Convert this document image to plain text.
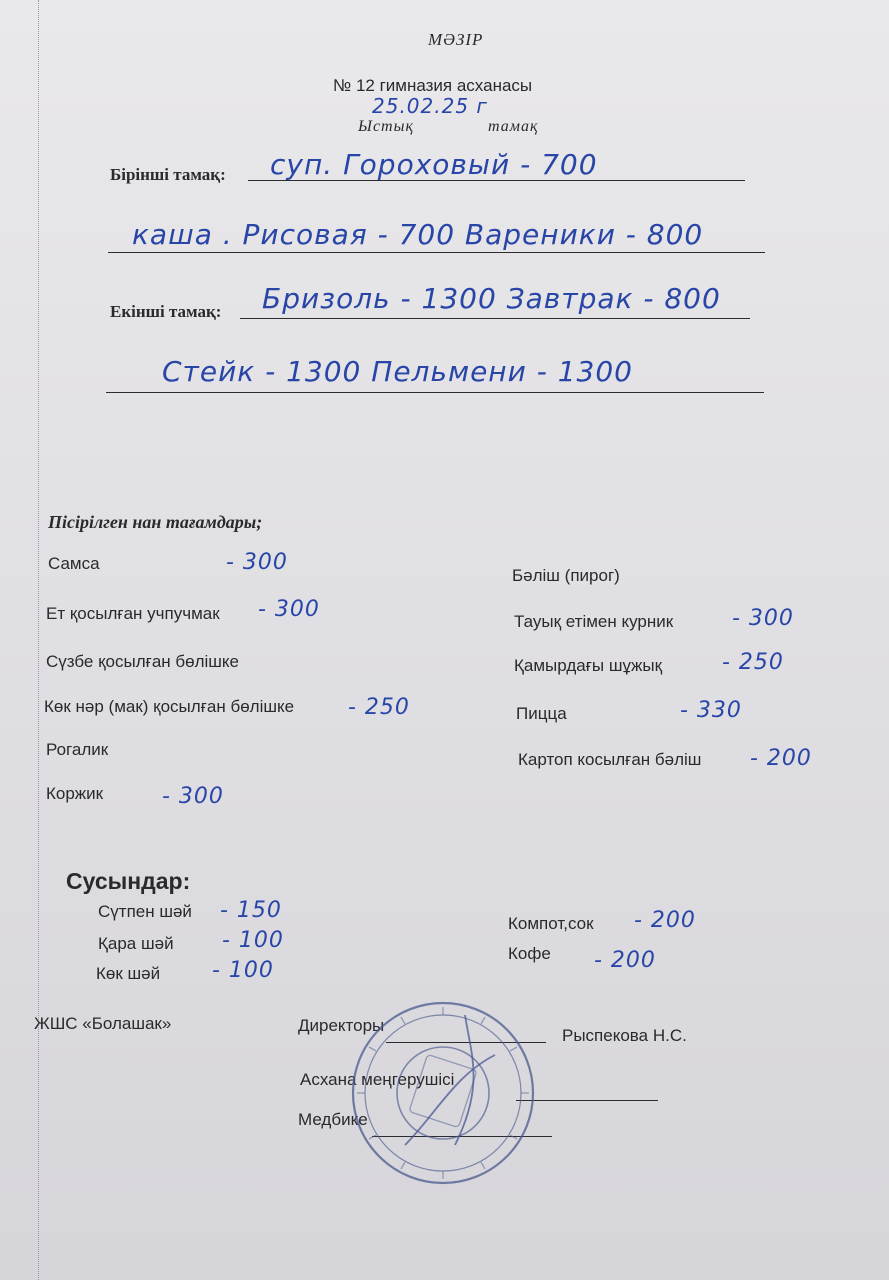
МӘЗІР
№ 12 гимназия асханасы
25.02.25 г
Ыстық	тамақ
Бірінші тамақ: суп. Гороховый - 700
каша . Рисовая - 700 Вареники - 800
Екінші тамақ: Бризоль - 1300 Завтрак - 800
Стейк - 1300 Пельмени - 1300
Пісірілген нан тағамдары;
Самса	- 300
Ет қосылған учпучмак - 300
Сүзбе қосылған бөлішке
Көк нәр (мак) қосылған бөлішке - 250
Рогалик
Коржик	- 300
Бәліш (пирог)
Тауық етімен курник	- 300
Қамырдағы шұжық	- 250
Пицца	- 330
Картоп косылған бәліш - 200
Сусындар:
Сүтпен шәй - 150
Қара шәй - 100
Көк шәй - 100
Компот,сок - 200
Кофе - 200
ЖШС «Болашак»	Директоры
Рыспекова Н.С.
Асхана меңгерушісі
Медбике
